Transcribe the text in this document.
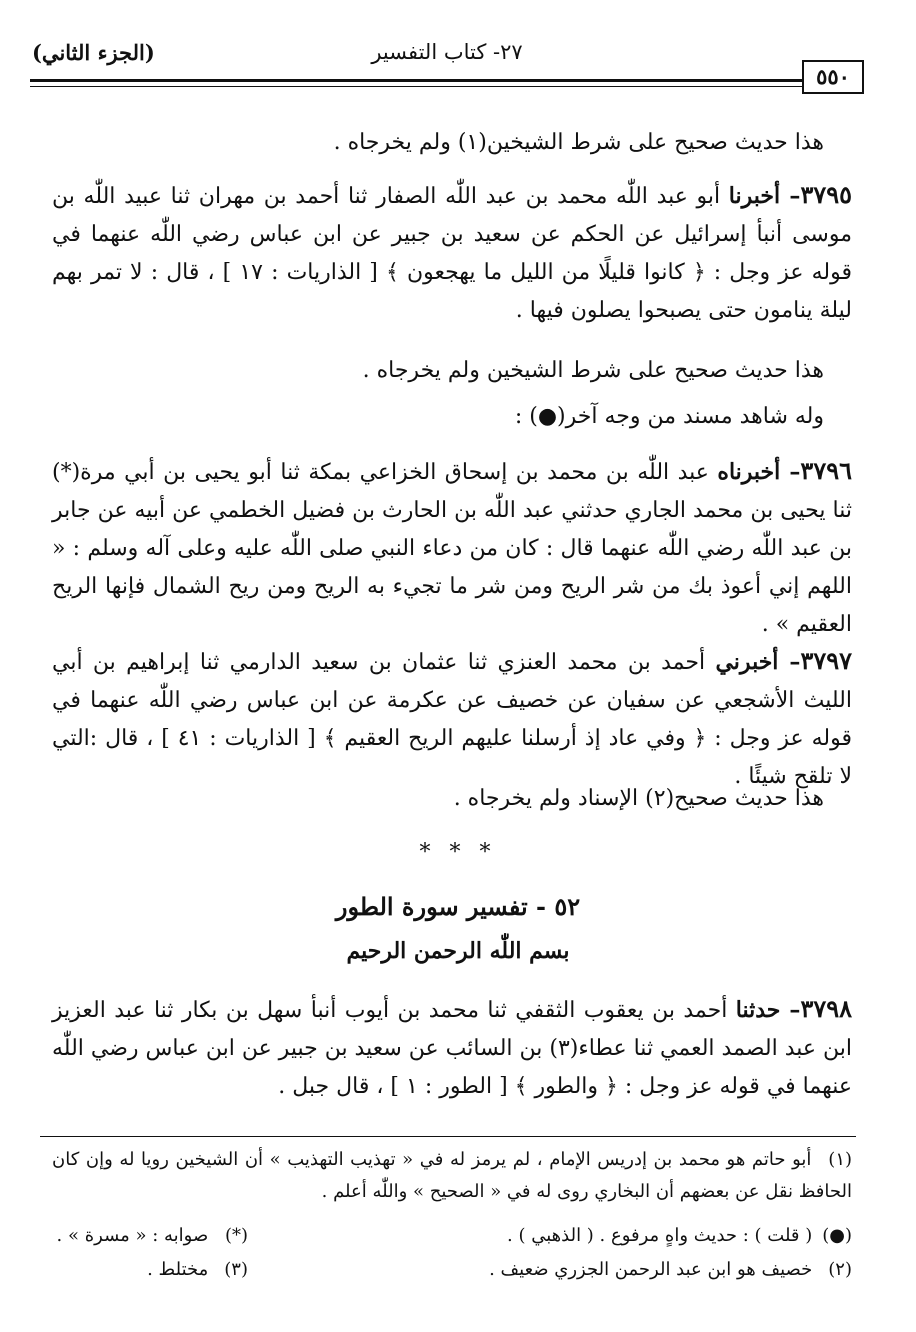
٢٧- كتاب التفسير
(الجزء الثاني)
٥٥٠
هذا حديث صحيح على شرط الشيخين(١) ولم يخرجاه .
٣٧٩٥– أخبرنا أبو عبد اللّٰه محمد بن عبد اللّٰه الصفار ثنا أحمد بن مهران ثنا عبيد اللّٰه بن موسى أنبأ إسرائيل عن الحكم عن سعيد بن جبير عن ابن عباس رضي اللّٰه عنهما في قوله عز وجل : ﴿ كانوا قليلًا من الليل ما يهجعون ﴾ [ الذاريات : ١٧ ] ، قال : لا تمر بهم ليلة ينامون حتى يصبحوا يصلون فيها .
هذا حديث صحيح على شرط الشيخين ولم يخرجاه .
وله شاهد مسند من وجه آخر(●) :
٣٧٩٦– أخبرناه عبد اللّٰه بن محمد بن إسحاق الخزاعي بمكة ثنا أبو يحيى بن أبي مرة(*) ثنا يحيى بن محمد الجاري حدثني عبد اللّٰه بن الحارث بن فضيل الخطمي عن أبيه عن جابر بن عبد اللّٰه رضي اللّٰه عنهما قال : كان من دعاء النبي صلى اللّٰه عليه وعلى آله وسلم : « اللهم إني أعوذ بك من شر الريح ومن شر ما تجيء به الريح ومن ريح الشمال فإنها الريح العقيم » .
٣٧٩٧– أخبرني أحمد بن محمد العنزي ثنا عثمان بن سعيد الدارمي ثنا إبراهيم بن أبي الليث الأشجعي عن سفيان عن خصيف عن عكرمة عن ابن عباس رضي اللّٰه عنهما في قوله عز وجل : ﴿ وفي عاد إذ أرسلنا عليهم الريح العقيم ﴾ [ الذاريات : ٤١ ] ، قال :التي لا تلقح شيئًا .
هذا حديث صحيح(٢) الإسناد ولم يخرجاه .
* * *
٥٢ - تفسير سورة الطور
بسم اللّٰه الرحمن الرحيم
٣٧٩٨– حدثنا أحمد بن يعقوب الثقفي ثنا محمد بن أيوب أنبأ سهل بن بكار ثنا عبد العزيز ابن عبد الصمد العمي ثنا عطاء(٣) بن السائب عن سعيد بن جبير عن ابن عباس رضي اللّٰه عنهما في قوله عز وجل : ﴿ والطور ﴾ [ الطور : ١ ] ، قال جبل .
(١) أبو حاتم هو محمد بن إدريس الإمام ، لم يرمز له في « تهذيب التهذيب » أن الشيخين رويا له وإن كان الحافظ نقل عن بعضهم أن البخاري روى له في « الصحيح » واللّٰه أعلم .
(●) ( قلت ) : حديث واهٍ مرفوع . ( الذهبي ) .
(*) صوابه : « مسرة » .
(٢) خصيف هو ابن عبد الرحمن الجزري ضعيف .
(٣) مختلط .
